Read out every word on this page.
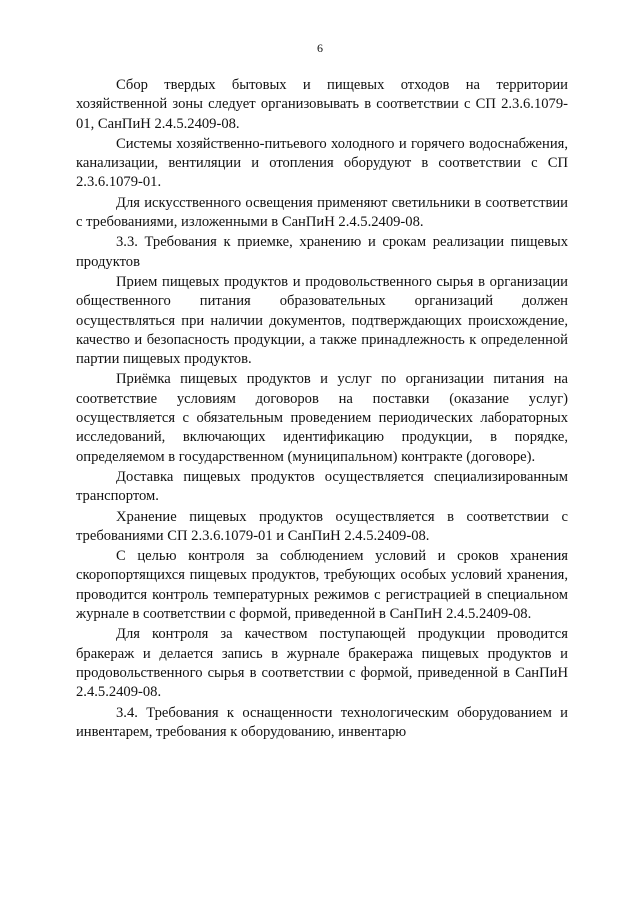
6

Сбор твердых бытовых и пищевых отходов на территории хозяйственной зоны следует организовывать в соответствии с СП 2.3.6.1079-01, СанПиН 2.4.5.2409-08.

Системы хозяйственно-питьевого холодного и горячего водоснабжения, канализации, вентиляции и отопления оборудуют в соответствии с СП 2.3.6.1079-01.

Для искусственного освещения применяют светильники в соответствии с требованиями, изложенными в СанПиН 2.4.5.2409-08.

3.3. Требования к приемке, хранению и срокам реализации пищевых продуктов

Прием пищевых продуктов и продовольственного сырья в организации общественного питания образовательных организаций должен осуществляться при наличии документов, подтверждающих происхождение, качество и безопасность продукции, а также принадлежность к определенной партии пищевых продуктов.

Приёмка пищевых продуктов и услуг по организации питания на соответствие условиям договоров на поставки (оказание услуг) осуществляется с обязательным проведением периодических лабораторных исследований, включающих идентификацию продукции, в порядке, определяемом в государственном (муниципальном) контракте (договоре).

Доставка пищевых продуктов осуществляется специализированным транспортом.

Хранение пищевых продуктов осуществляется в соответствии с требованиями СП 2.3.6.1079-01 и СанПиН 2.4.5.2409-08.

С целью контроля за соблюдением условий и сроков хранения скоропортящихся пищевых продуктов, требующих особых условий хранения, проводится контроль температурных режимов с регистрацией в специальном журнале в соответствии с формой, приведенной в СанПиН 2.4.5.2409-08.

Для контроля за качеством поступающей продукции проводится бракераж и делается запись в журнале бракеража пищевых продуктов и продовольственного сырья в соответствии с формой, приведенной в СанПиН 2.4.5.2409-08.

3.4. Требования к оснащенности технологическим оборудованием и инвентарем, требования к оборудованию, инвентарю
